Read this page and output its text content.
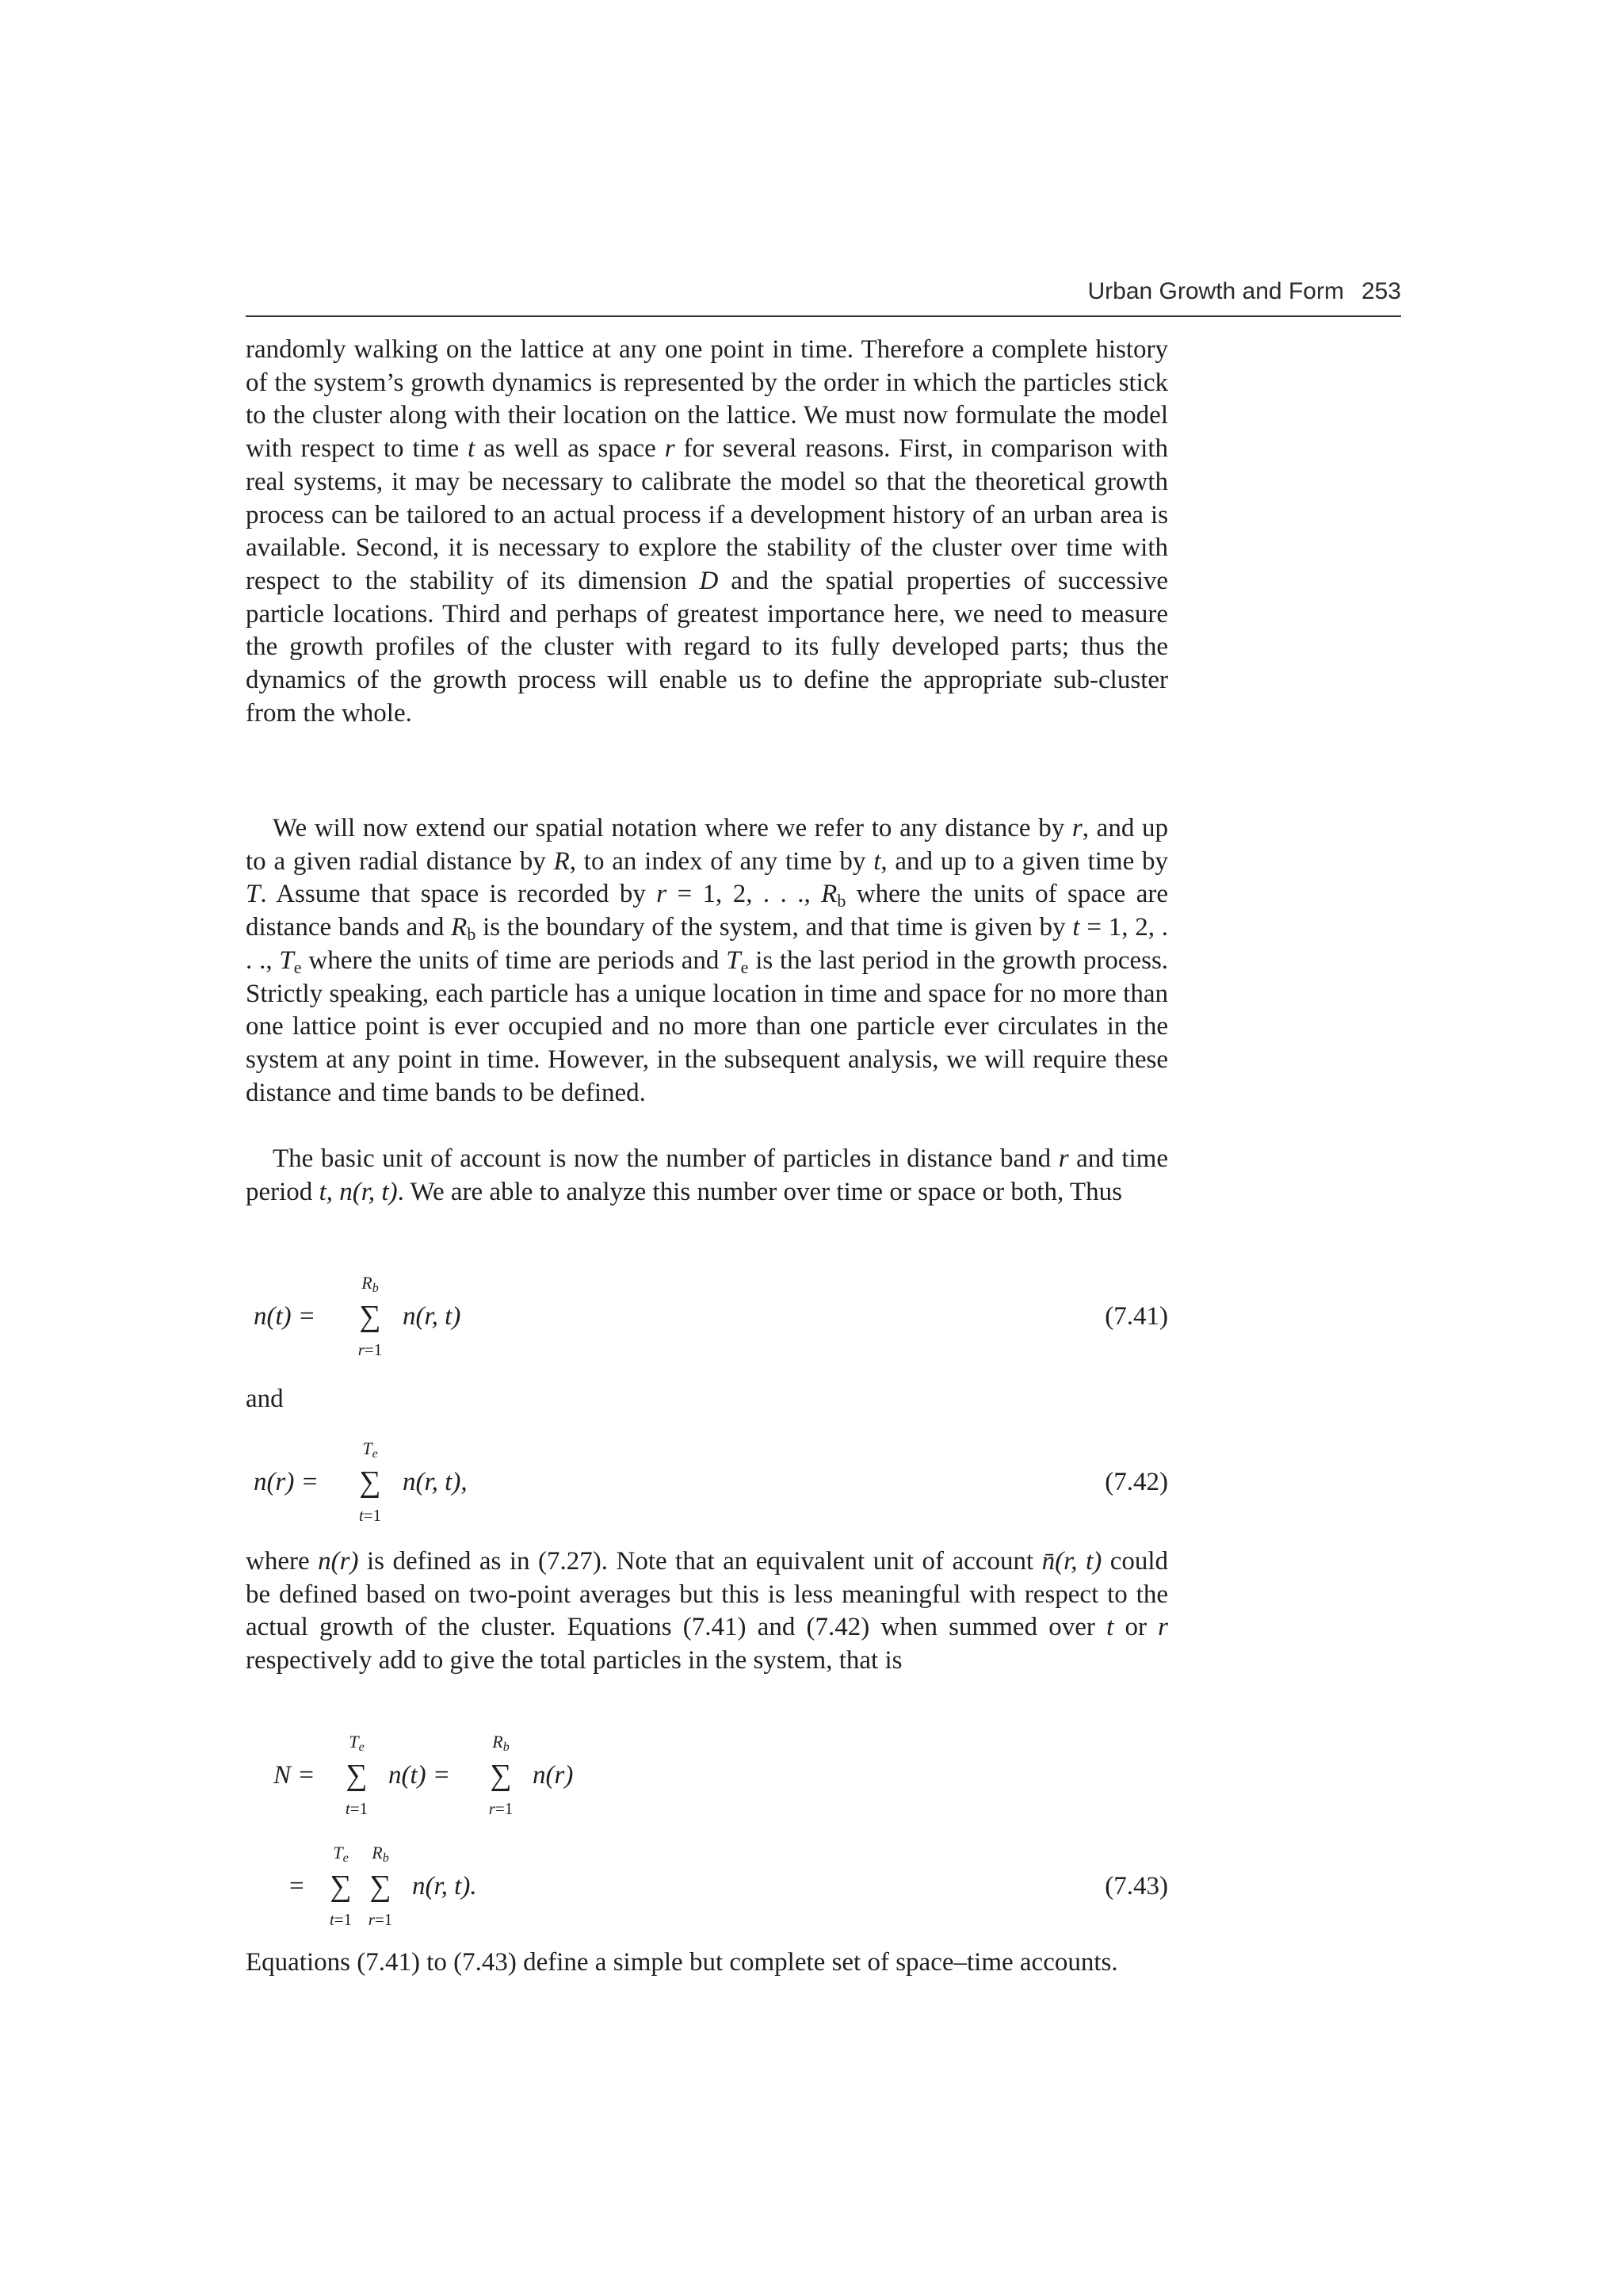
Urban Growth and Form 253

randomly walking on the lattice at any one point in time. Therefore a complete history of the system’s growth dynamics is represented by the order in which the particles stick to the cluster along with their location on the lattice. We must now formulate the model with respect to time t as well as space r for several reasons. First, in comparison with real systems, it may be necessary to calibrate the model so that the theoretical growth process can be tailored to an actual process if a development history of an urban area is available. Second, it is necessary to explore the stability of the cluster over time with respect to the stability of its dimension D and the spatial properties of successive particle locations. Third and perhaps of greatest importance here, we need to measure the growth profiles of the cluster with regard to its fully developed parts; thus the dynamics of the growth process will enable us to define the appropriate sub-cluster from the whole.

We will now extend our spatial notation where we refer to any distance by r, and up to a given radial distance by R, to an index of any time by t, and up to a given time by T. Assume that space is recorded by r = 1, 2, . . ., $R_b$ where the units of space are distance bands and $R_b$ is the boundary of the system, and that time is given by t = 1, 2, . . ., $T_e$ where the units of time are periods and $T_e$ is the last period in the growth process. Strictly speaking, each particle has a unique location in time and space for no more than one lattice point is ever occupied and no more than one particle ever circulates in the system at any point in time. However, in the subsequent analysis, we will require these distance and time bands to be defined.

The basic unit of account is now the number of particles in distance band r and time period t, n(r, t). We are able to analyze this number over time or space or both, Thus

n(t) =
Rb
∑
r=1
n(r, t)	(7.41)
and
n(r) =
Te
∑
t=1
n(r, t),	(7.42)

where n(r) is defined as in (7.27). Note that an equivalent unit of account n̄(r, t) could be defined based on two-point averages but this is less meaningful with respect to the actual growth of the cluster. Equations (7.41) and (7.42) when summed over t or r respectively add to give the total particles in the system, that is

N =
Te
∑
t=1
n(t) =
Rb
∑
r=1
n(r)
=
Te
∑
t=1
Rb
∑
r=1
n(r, t).	(7.43)

Equations (7.41) to (7.43) define a simple but complete set of space–time accounts.
